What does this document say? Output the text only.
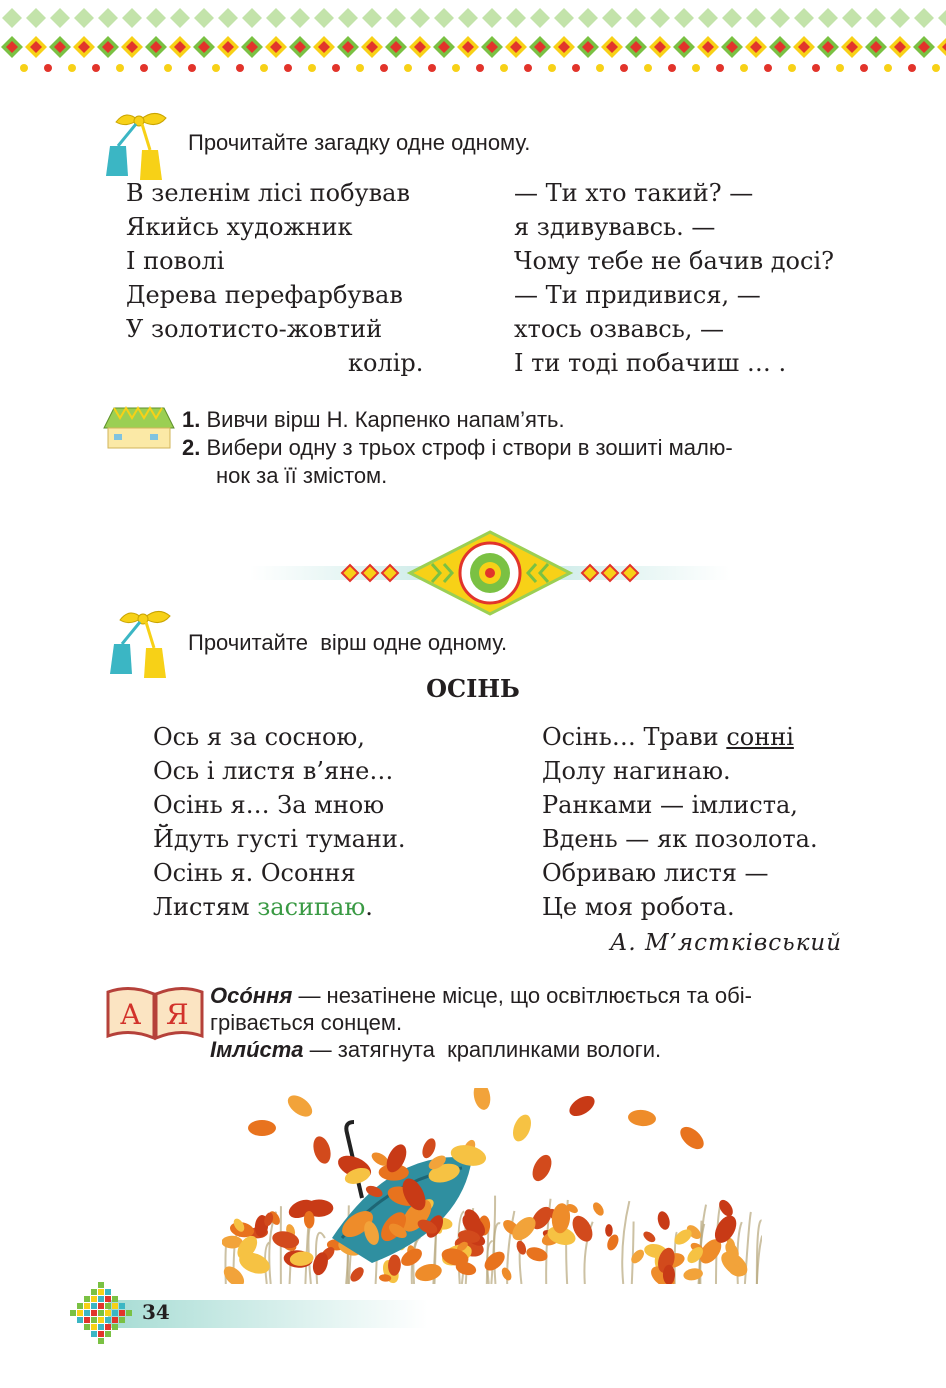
Прочитайте загадку одне одному.
В зеленім лісі побував
Якийсь художник
І поволі
Дерева перефарбував
У золотисто-жовтий
колір.
— Ти хто такий? —
я здивувавсь. —
Чому тебе не бачив досі?
— Ти придивися, —
хтось озвавсь, —
І ти тоді побачиш … .
1. Вивчи вірш Н. Карпенко напам’ять.
2. Вибери одну з трьох строф і створи в зошиті малю-
нок за її змістом.
Прочитайте  вірш одне одному.
ОСІНЬ
Ось я за сосною,
Ось і листя в’яне…
Осінь я… За мною
Йдуть густі тумани.
Осінь я. Осоння
Листям засипаю.
Осінь… Трави сонні
Долу нагинаю.
Ранками — імлиста,
Вдень — як позолота.
Обриваю листя —
Це моя робота.
А. М’ястківський
А Я
Осóння — незатінене місце, що освітлюється та обі-
грівається сонцем.
Імлúста — затягнута  краплинками вологи.
34
